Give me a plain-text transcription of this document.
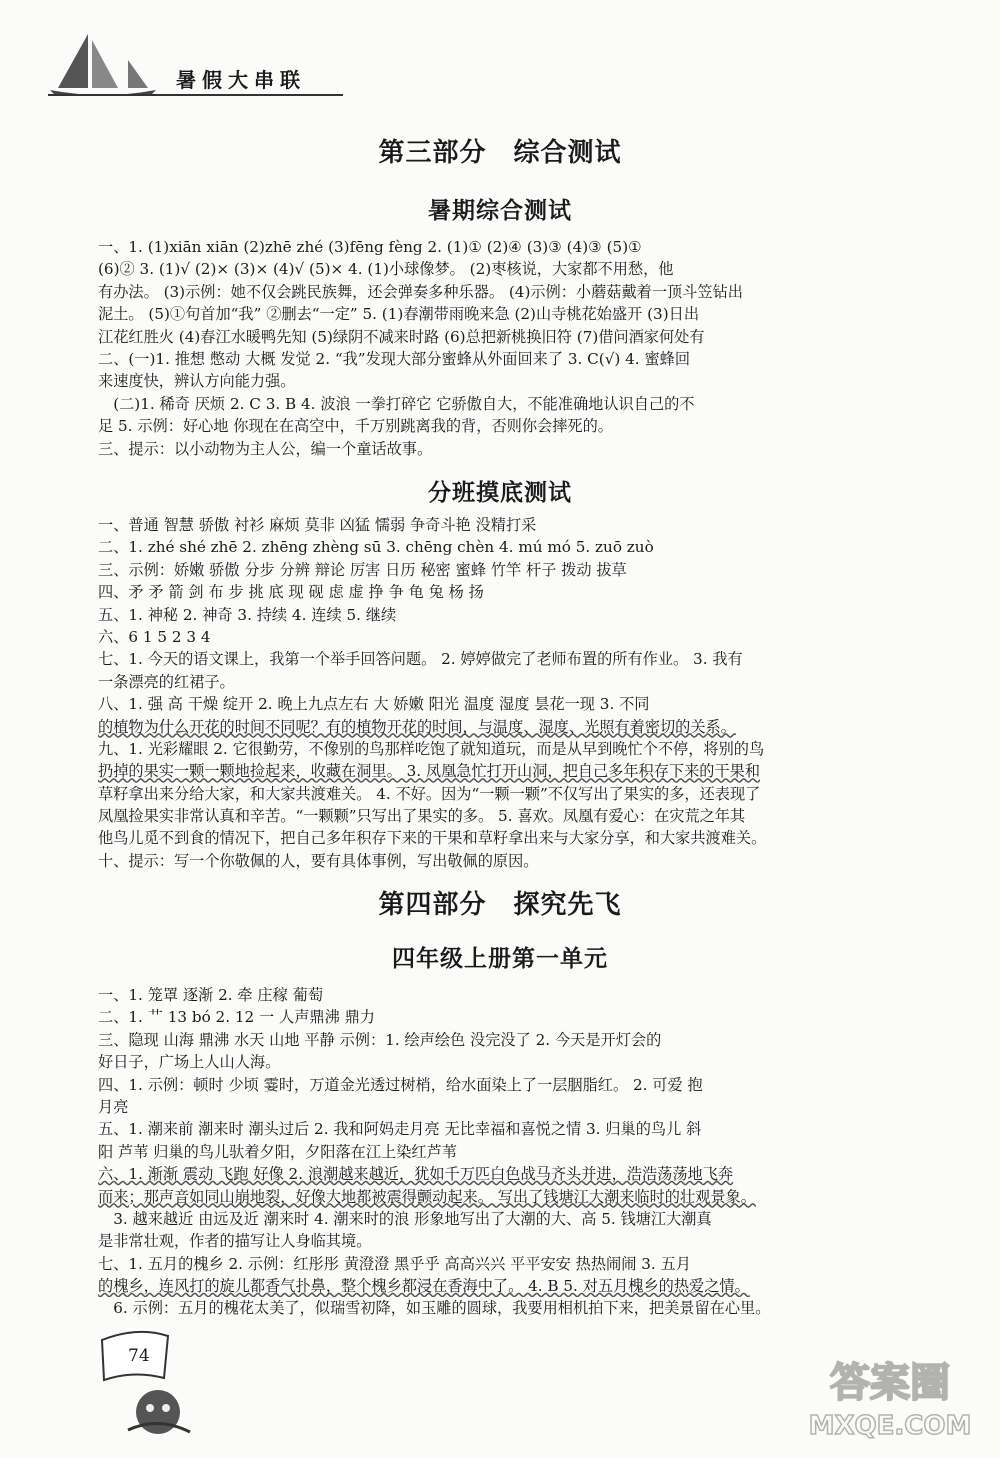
暑假大串联
第三部分　综合测试
暑期综合测试
一、1. (1)xiān xiān (2)zhē zhé (3)fēng fèng 2. (1)① (2)④ (3)③ (4)③ (5)①
(6)② 3. (1)√ (2)× (3)× (4)√ (5)× 4. (1)小球像梦。 (2)枣核说，大家都不用愁，他
有办法。 (3)示例：她不仅会跳民族舞，还会弹奏多种乐器。 (4)示例：小蘑菇戴着一顶斗笠钻出
泥土。 (5)①句首加“我” ②删去“一定” 5. (1)春潮带雨晚来急 (2)山寺桃花始盛开 (3)日出
江花红胜火 (4)春江水暖鸭先知 (5)绿阴不减来时路 (6)总把新桃换旧符 (7)借问酒家何处有
二、(一)1. 推想 憋动 大概 发觉 2. “我”发现大部分蜜蜂从外面回来了 3. C(√) 4. 蜜蜂回
来速度快，辨认方向能力强。
　(二)1. 稀奇 厌烦 2. C 3. B 4. 波浪 一拳打碎它 它骄傲自大，不能准确地认识自己的不
足 5. 示例：好心地 你现在在高空中，千万别跳离我的背，否则你会摔死的。
三、提示：以小动物为主人公，编一个童话故事。
分班摸底测试
一、普通 智慧 骄傲 衬衫 麻烦 莫非 凶猛 懦弱 争奇斗艳 没精打采
二、1. zhé shé zhē 2. zhēng zhèng sū 3. chēng chèn 4. mú mó 5. zuō zuò
三、示例：娇嫩 骄傲 分步 分辨 辩论 厉害 日历 秘密 蜜蜂 竹竿 杆子 拨动 拔草
四、矛 矛 箭 剑 布 步 挑 底 现 砚 虑 虚 挣 争 龟 兔 杨 扬
五、1. 神秘 2. 神奇 3. 持续 4. 连续 5. 继续
六、6 1 5 2 3 4
七、1. 今天的语文课上，我第一个举手回答问题。 2. 婷婷做完了老师布置的所有作业。 3. 我有
一条漂亮的红裙子。
八、1. 强 高 干燥 绽开 2. 晚上九点左右 大 娇嫩 阳光 温度 湿度 昙花一现 3. 不同
的植物为什么开花的时间不同呢？有的植物开花的时间，与温度、湿度、光照有着密切的关系。
九、1. 光彩耀眼 2. 它很勤劳，不像别的鸟那样吃饱了就知道玩，而是从早到晚忙个不停，将别的鸟
扔掉的果实一颗一颗地捡起来，收藏在洞里。 3. 凤凰急忙打开山洞，把自己多年积存下来的干果和
草籽拿出来分给大家，和大家共渡难关。 4. 不好。因为“一颗一颗”不仅写出了果实的多，还表现了
凤凰捡果实非常认真和辛苦。“一颗颗”只写出了果实的多。 5. 喜欢。凤凰有爱心：在灾荒之年其
他鸟儿觅不到食的情况下，把自己多年积存下来的干果和草籽拿出来与大家分享，和大家共渡难关。
十、提示：写一个你敬佩的人，要有具体事例，写出敬佩的原因。
第四部分　探究先飞
四年级上册第一单元
一、1. 笼罩 逐渐 2. 牵 庄稼 葡萄
二、1. 艹 13 bó 2. 12 一 人声鼎沸 鼎力
三、隐现 山海 鼎沸 水天 山地 平静 示例：1. 绘声绘色 没完没了 2. 今天是开灯会的
好日子，广场上人山人海。
四、1. 示例：顿时 少顷 霎时，万道金光透过树梢，给水面染上了一层胭脂红。 2. 可爱 抱
月亮
五、1. 潮来前 潮来时 潮头过后 2. 我和阿妈走月亮 无比幸福和喜悦之情 3. 归巢的鸟儿 斜
阳 芦苇 归巢的鸟儿驮着夕阳，夕阳落在江上染红芦苇
六、1. 渐渐 震动 飞跑 好像 2. 浪潮越来越近，犹如千万匹白色战马齐头并进，浩浩荡荡地飞奔
而来；那声音如同山崩地裂，好像大地都被震得颤动起来。 写出了钱塘江大潮来临时的壮观景象。
　3. 越来越近 由远及近 潮来时 4. 潮来时的浪 形象地写出了大潮的大、高 5. 钱塘江大潮真
是非常壮观，作者的描写让人身临其境。
七、1. 五月的槐乡 2. 示例：红彤彤 黄澄澄 黑乎乎 高高兴兴 平平安安 热热闹闹 3. 五月
的槐乡，连风打的旋儿都香气扑鼻，整个槐乡都浸在香海中了。 4. B 5. 对五月槐乡的热爱之情。
　6. 示例：五月的槐花太美了，似瑞雪初降，如玉雕的圆球，我要用相机拍下来，把美景留在心里。
74
答案圈
MXQE.COM
